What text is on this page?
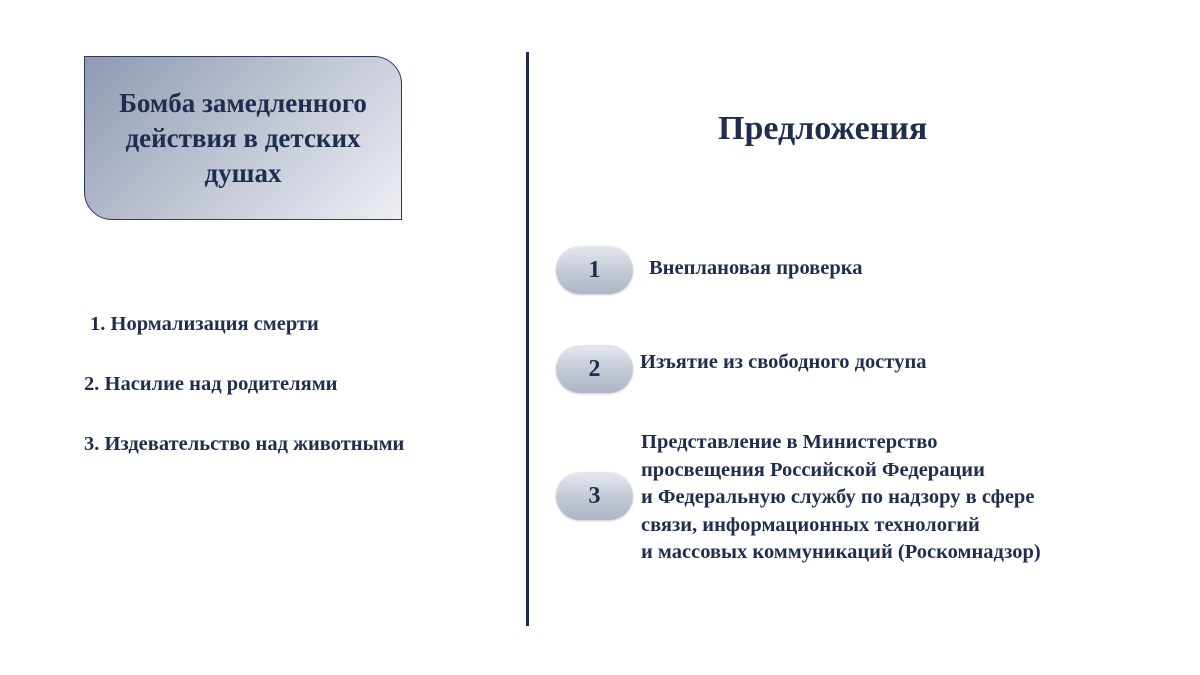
Бомба замедленного действия в детских душах
1. Нормализация смерти
2. Насилие над родителями
3. Издевательство над животными
Предложения
1	Внеплановая проверка
2	Изъятие из свободного доступа
3
Представление в Министерство
просвещения Российской Федерации
и Федеральную службу по надзору в сфере
связи, информационных технологий
и массовых коммуникаций (Роскомнадзор)
